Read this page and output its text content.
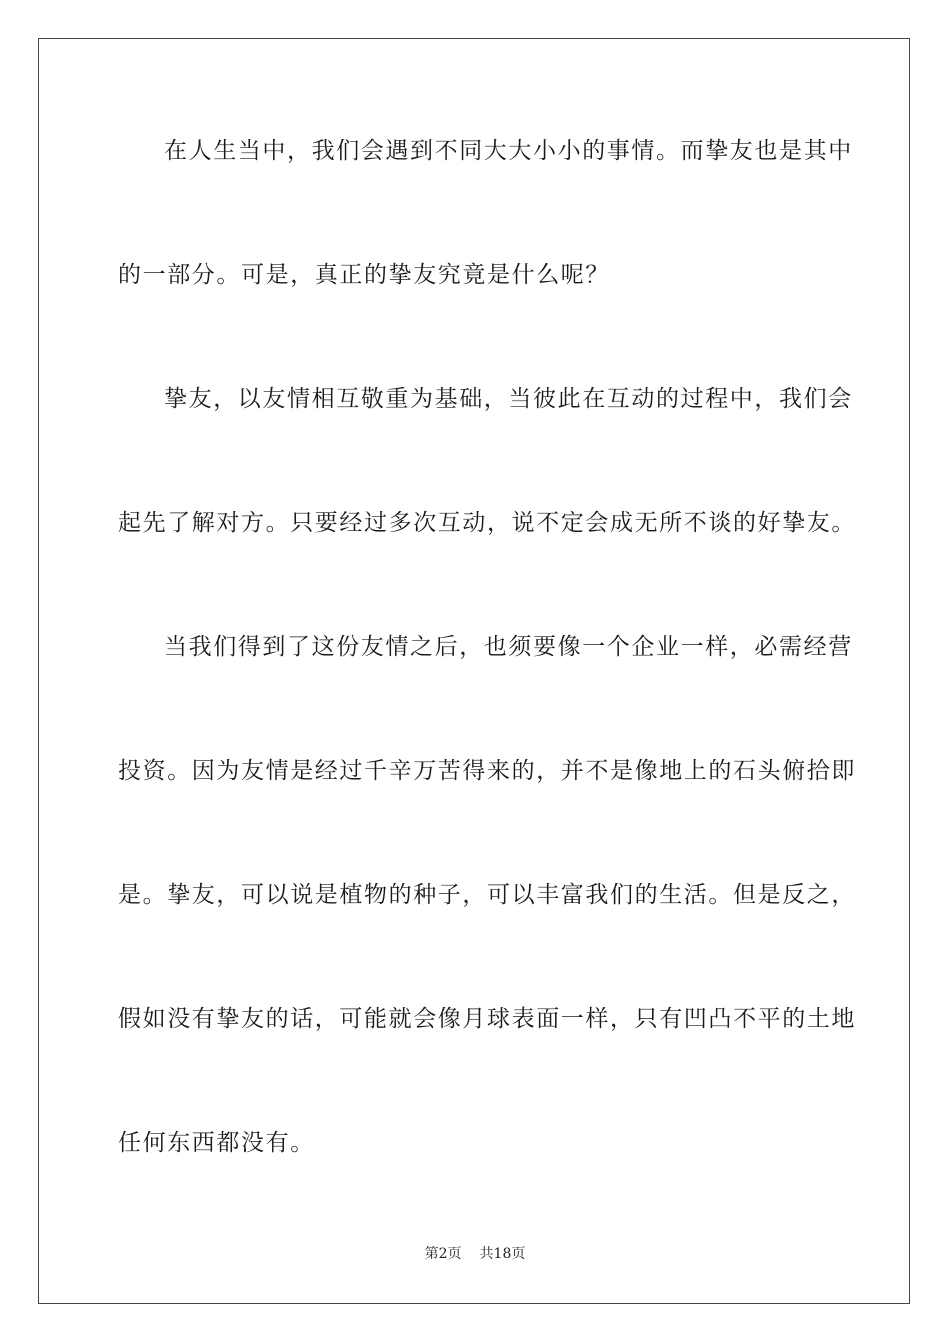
在人生当中，我们会遇到不同大大小小的事情。而挚友也是其中
的一部分。可是，真正的挚友究竟是什么呢？
挚友，以友情相互敬重为基础，当彼此在互动的过程中，我们会
起先了解对方。只要经过多次互动，说不定会成无所不谈的好挚友。
当我们得到了这份友情之后，也须要像一个企业一样，必需经营
投资。因为友情是经过千辛万苦得来的，并不是像地上的石头俯拾即
是。挚友，可以说是植物的种子，可以丰富我们的生活。但是反之，
假如没有挚友的话，可能就会像月球表面一样，只有凹凸不平的土地
任何东西都没有。
第2页 共18页
